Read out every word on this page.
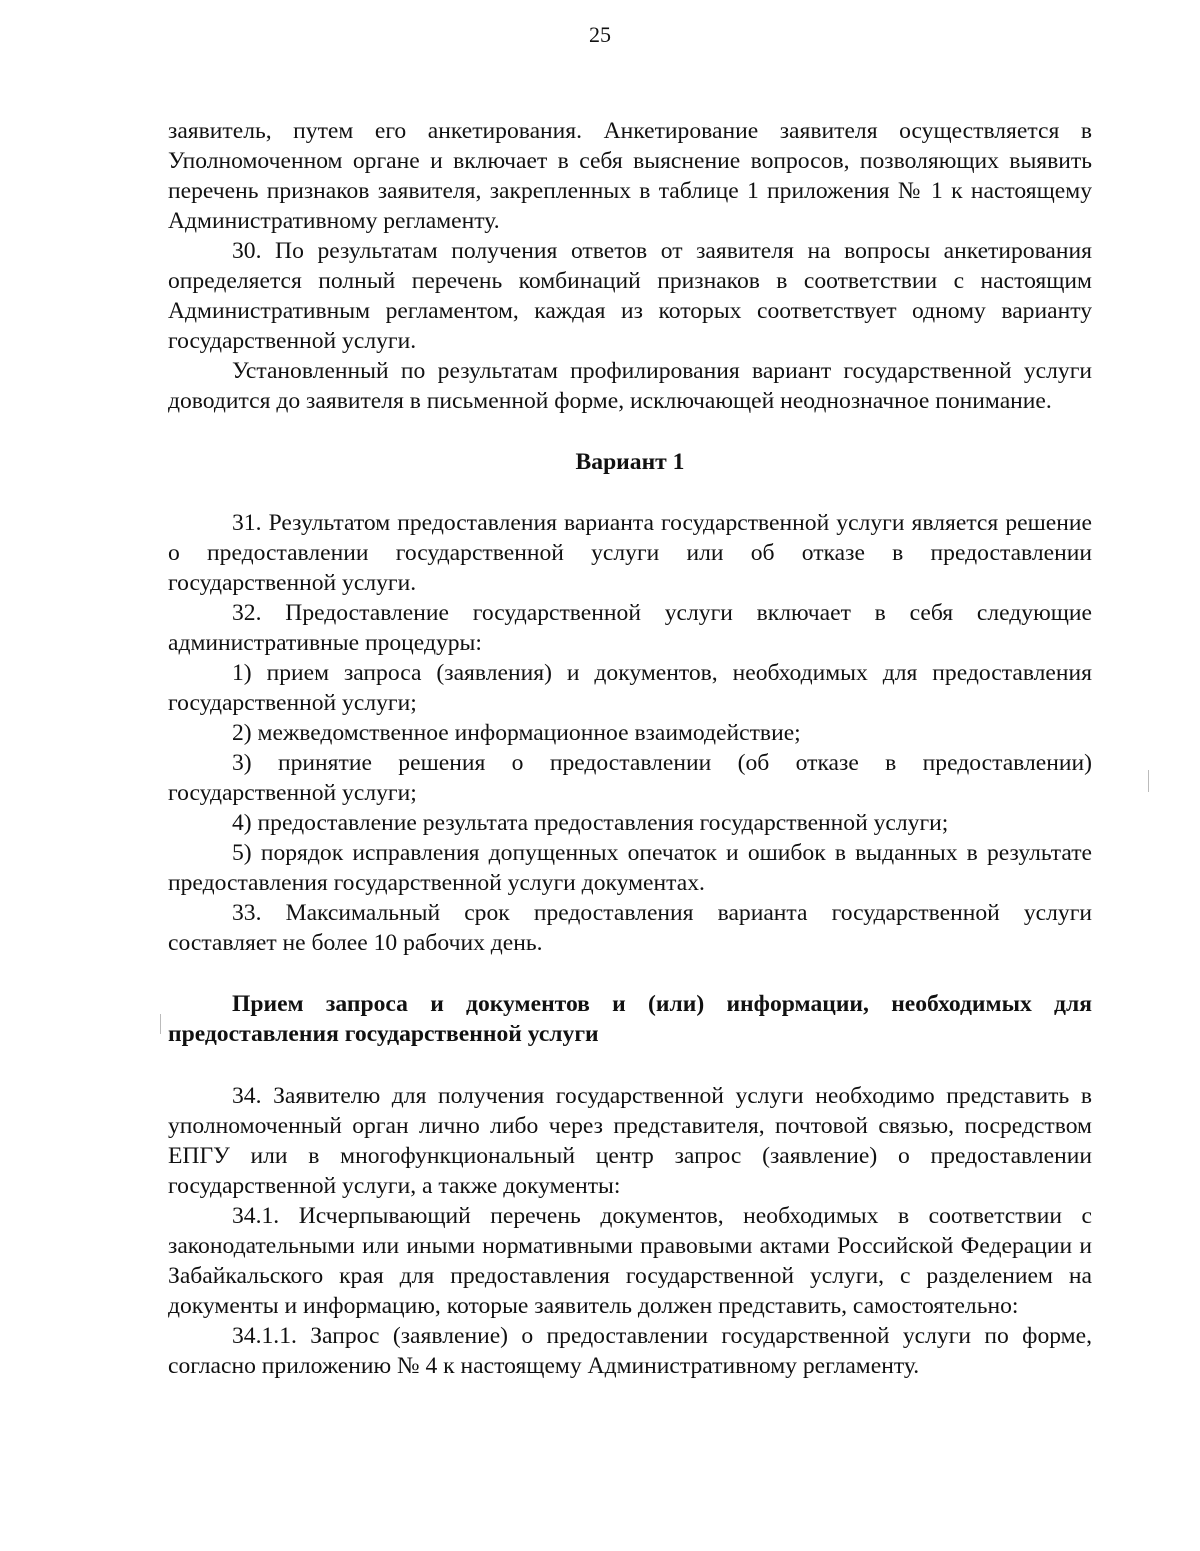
25

заявитель, путем его анкетирования. Анкетирование заявителя осуществляется в Уполномоченном органе и включает в себя выяснение вопросов, позволяющих выявить перечень признаков заявителя, закрепленных в таблице 1 приложения № 1 к настоящему Административному регламенту.

30. По результатам получения ответов от заявителя на вопросы анкетирования определяется полный перечень комбинаций признаков в соответствии с настоящим Административным регламентом, каждая из которых соответствует одному варианту государственной услуги.

Установленный по результатам профилирования вариант государственной услуги доводится до заявителя в письменной форме, исключающей неоднозначное понимание.

Вариант 1

31. Результатом предоставления варианта государственной услуги является решение о предоставлении государственной услуги или об отказе в предоставлении государственной услуги.

32. Предоставление государственной услуги включает в себя следующие административные процедуры:

1) прием запроса (заявления) и документов, необходимых для предоставления государственной услуги;

2) межведомственное информационное взаимодействие;

3) принятие решения о предоставлении (об отказе в предоставлении) государственной услуги;

4) предоставление результата предоставления государственной услуги;

5) порядок исправления допущенных опечаток и ошибок в выданных в результате предоставления государственной услуги документах.

33. Максимальный срок предоставления варианта государственной услуги составляет не более 10 рабочих день.

Прием запроса и документов и (или) информации, необходимых для предоставления государственной услуги

34. Заявителю для получения государственной услуги необходимо представить в уполномоченный орган лично либо через представителя, почтовой связью, посредством ЕПГУ или в многофункциональный центр запрос (заявление) о предоставлении государственной услуги, а также документы:

34.1. Исчерпывающий перечень документов, необходимых в соответствии с законодательными или иными нормативными правовыми актами Российской Федерации и Забайкальского края для предоставления государственной услуги, с разделением на документы и информацию, которые заявитель должен представить, самостоятельно:

34.1.1. Запрос (заявление) о предоставлении государственной услуги по форме, согласно приложению № 4 к настоящему Административному регламенту.
